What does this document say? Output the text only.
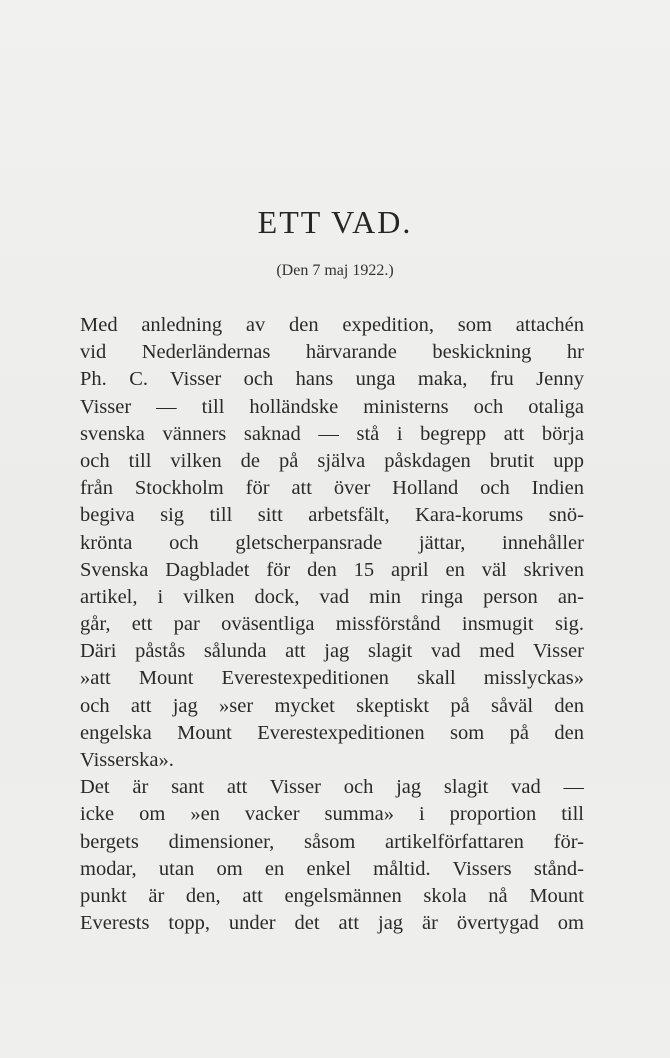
ETT VAD.
(Den 7 maj 1922.)
Med anledning av den expedition, som attachén
vid Nederländernas härvarande beskickning hr
Ph. C. Visser och hans unga maka, fru Jenny
Visser — till holländske ministerns och otaliga
svenska vänners saknad — stå i begrepp att börja
och till vilken de på själva påskdagen brutit upp
från Stockholm för att över Holland och Indien
begiva sig till sitt arbetsfält, Kara-korums snö-
krönta och gletscherpansrade jättar, innehåller
Svenska Dagbladet för den 15 april en väl skriven
artikel, i vilken dock, vad min ringa person an-
går, ett par oväsentliga missförstånd insmugit sig.
Däri påstås sålunda att jag slagit vad med Visser
»att Mount Everestexpeditionen skall misslyckas»
och att jag »ser mycket skeptiskt på såväl den
engelska Mount Everestexpeditionen som på den
Visserska».
Det är sant att Visser och jag slagit vad —
icke om »en vacker summa» i proportion till
bergets dimensioner, såsom artikelförfattaren för-
modar, utan om en enkel måltid. Vissers stånd-
punkt är den, att engelsmännen skola nå Mount
Everests topp, under det att jag är övertygad om
